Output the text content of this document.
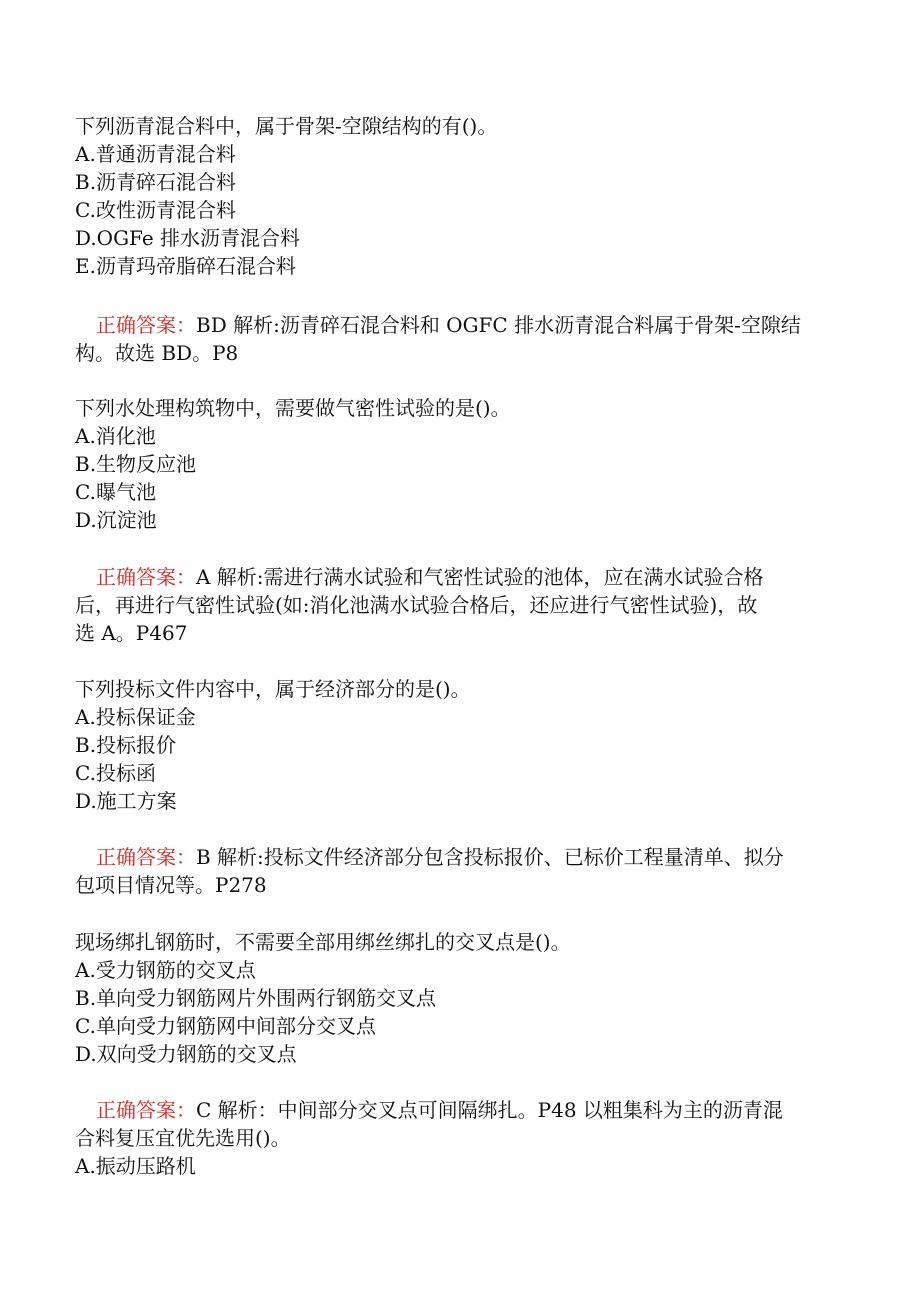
下列沥青混合料中，属于骨架-空隙结构的有()。
A.普通沥青混合料
B.沥青碎石混合料
C.改性沥青混合料
D.OGFe 排水沥青混合料
E.沥青玛帝脂碎石混合料
正确答案：BD 解析:沥青碎石混合料和 OGFC 排水沥青混合料属于骨架-空隙结
构。故选 BD。P8
下列水处理构筑物中，需要做气密性试验的是()。
A.消化池
B.生物反应池
C.曝气池
D.沉淀池
正确答案：A 解析:需进行满水试验和气密性试验的池体，应在满水试验合格
后，再进行气密性试验(如:消化池满水试验合格后，还应进行气密性试验)，故
选 A。P467
下列投标文件内容中，属于经济部分的是()。
A.投标保证金
B.投标报价
C.投标函
D.施工方案
正确答案：B 解析:投标文件经济部分包含投标报价、已标价工程量清单、拟分
包项目情况等。P278
现场绑扎钢筋时，不需要全部用绑丝绑扎的交叉点是()。
A.受力钢筋的交叉点
B.单向受力钢筋网片外围两行钢筋交叉点
C.单向受力钢筋网中间部分交叉点
D.双向受力钢筋的交叉点
正确答案：C 解析：中间部分交叉点可间隔绑扎。P48 以粗集科为主的沥青混
合料复压宜优先选用()。
A.振动压路机
